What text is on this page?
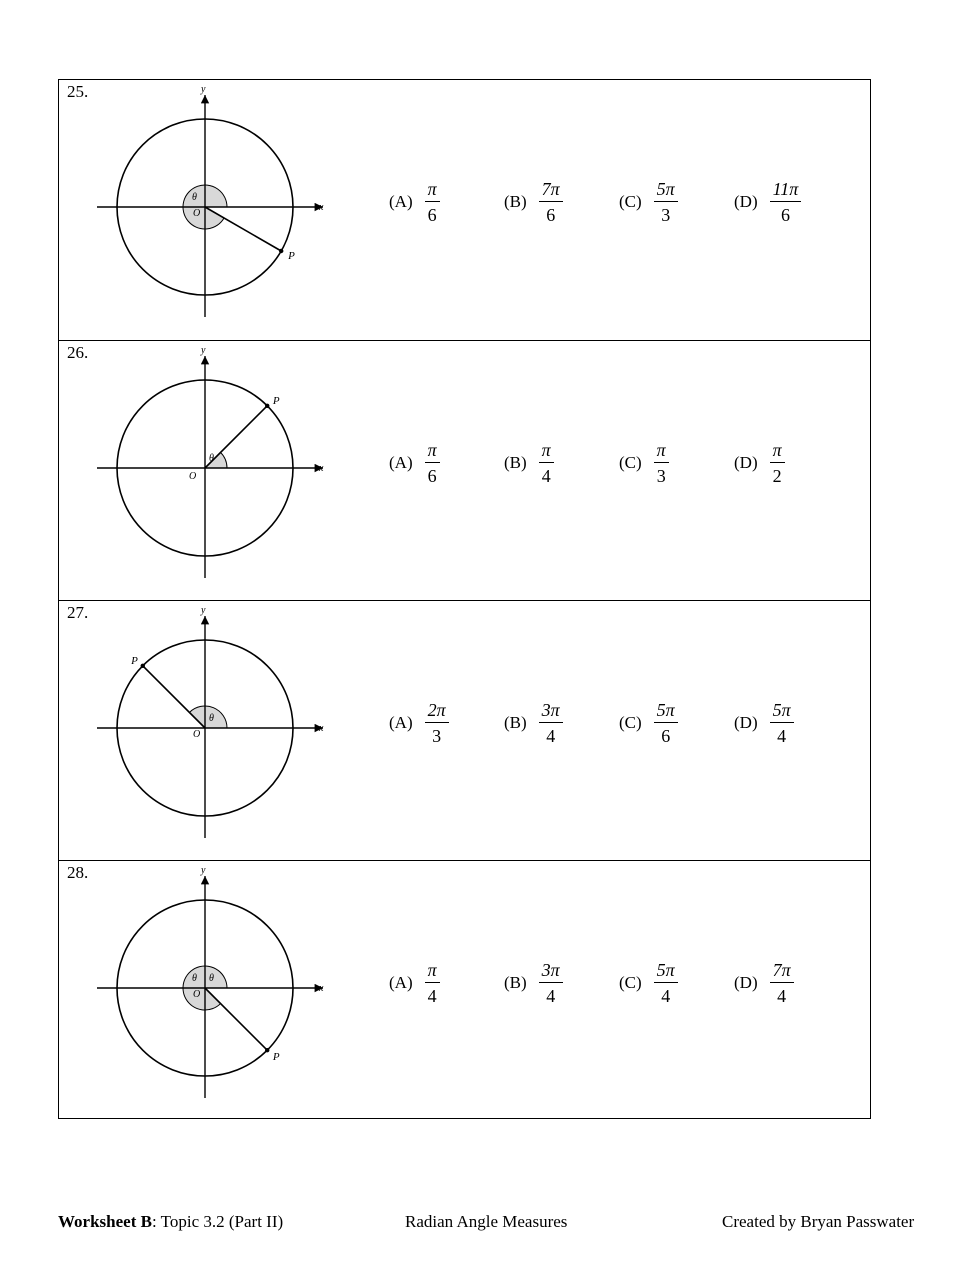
25.
x
y
O
P
θ	$(A) \frac{\pi}{6}$	$(B) \frac{7\pi}{6}$	$(C) \frac{5\pi}{3}$	$(D) \frac{11\pi}{6}$
26.
x
y
O
P
θ	$(A) \frac{\pi}{6}$	$(B) \frac{\pi}{4}$	$(C) \frac{\pi}{3}$	$(D) \frac{\pi}{2}$
27.
x
y
O
P
θ	$(A) \frac{2\pi}{3}$	$(B) \frac{3\pi}{4}$	$(C) \frac{5\pi}{6}$	$(D) \frac{5\pi}{4}$
28.
x
y
O
P
θ θ	$(A) \frac{\pi}{4}$	$(B) \frac{3\pi}{4}$	$(C) \frac{5\pi}{4}$	$(D) \frac{7\pi}{4}$
Worksheet B: Topic 3.2 (Part II)	Radian Angle Measures	Created by Bryan Passwater
